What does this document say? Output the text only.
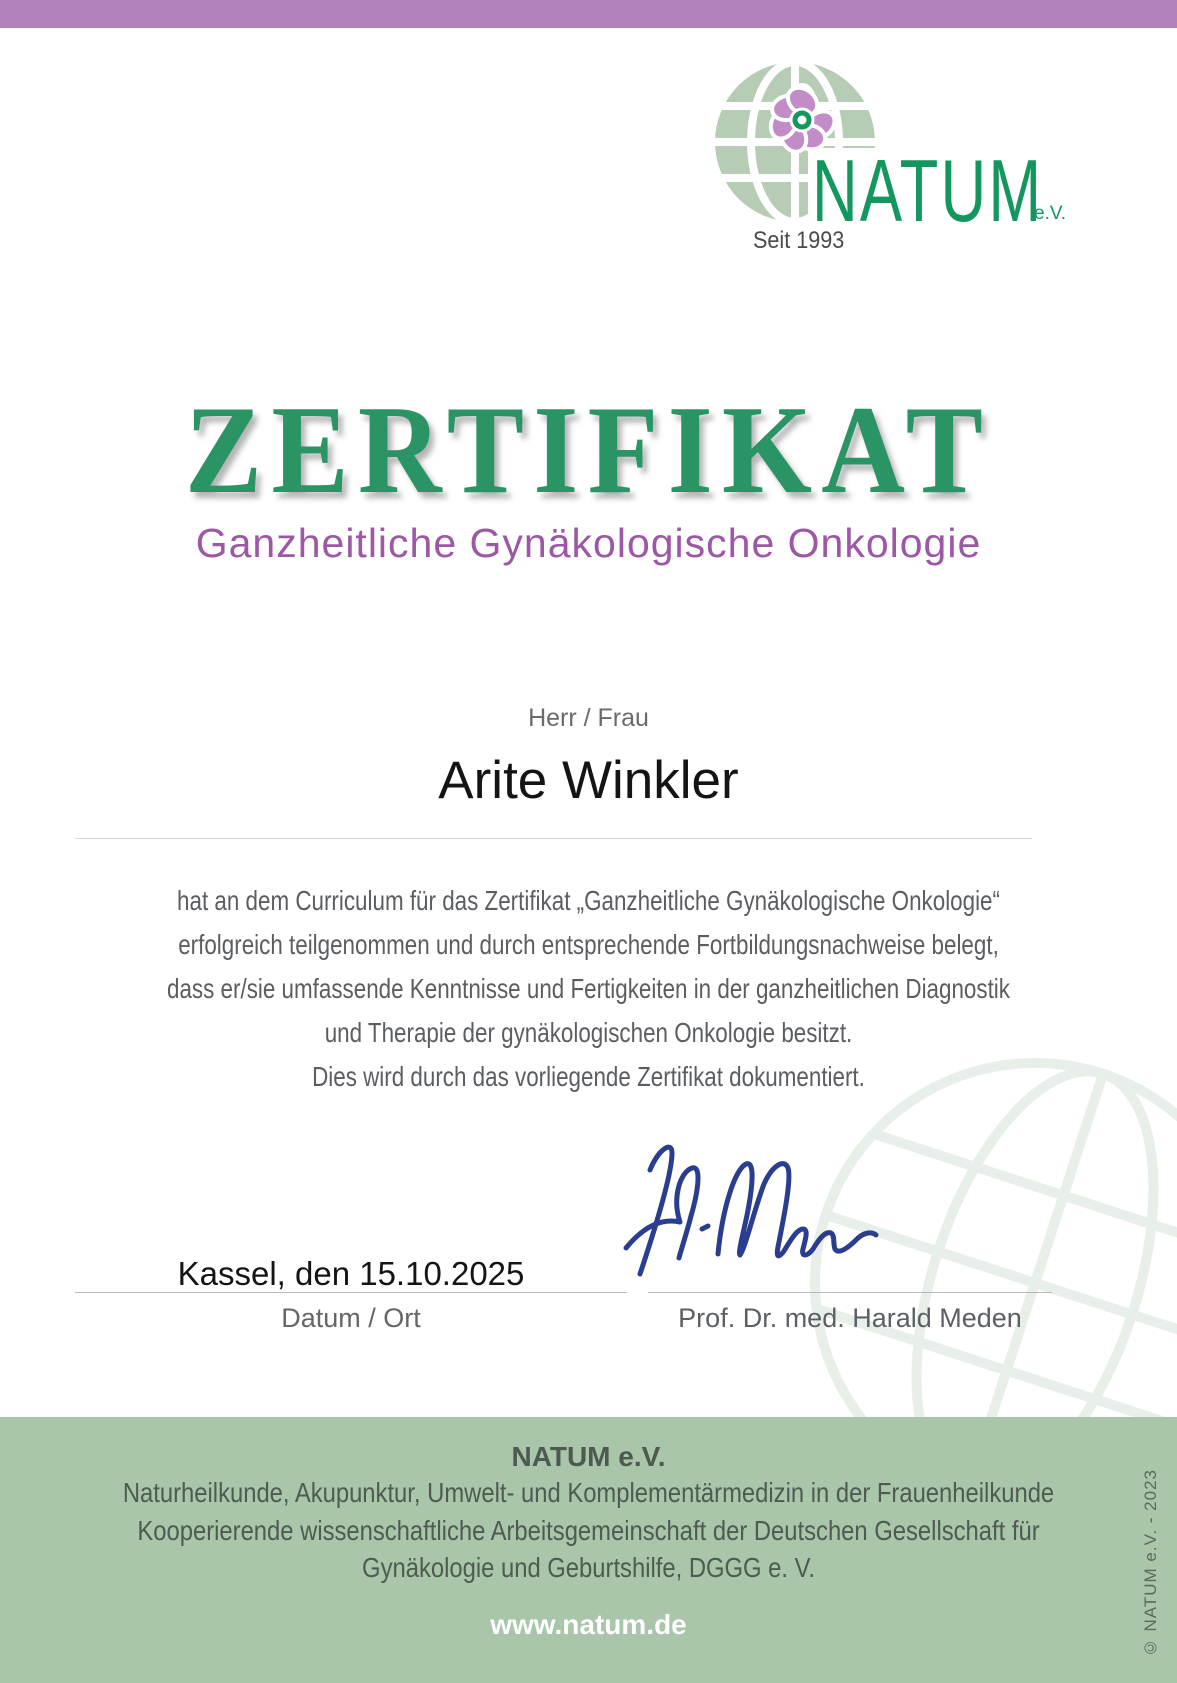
NATUM
e.V.
Seit 1993
ZERTIFIKAT
Ganzheitliche Gynäkologische Onkologie
Herr / Frau
Arite Winkler
hat an dem Curriculum für das Zertifikat „Ganzheitliche Gynäkologische Onkologie“
erfolgreich teilgenommen und durch entsprechende Fortbildungsnachweise belegt,
dass er/sie umfassende Kenntnisse und Fertigkeiten in der ganzheitlichen Diagnostik
und Therapie der gynäkologischen Onkologie besitzt.
Dies wird durch das vorliegende Zertifikat dokumentiert.
Kassel, den 15.10.2025
Datum / Ort	Prof. Dr. med. Harald Meden
NATUM e.V.
Naturheilkunde, Akupunktur, Umwelt- und Komplementärmedizin in der Frauenheilkunde
Kooperierende wissenschaftliche Arbeitsgemeinschaft der Deutschen Gesellschaft für
Gynäkologie und Geburtshilfe, DGGG e. V.
www.natum.de	© NATUM e.V. - 2023
